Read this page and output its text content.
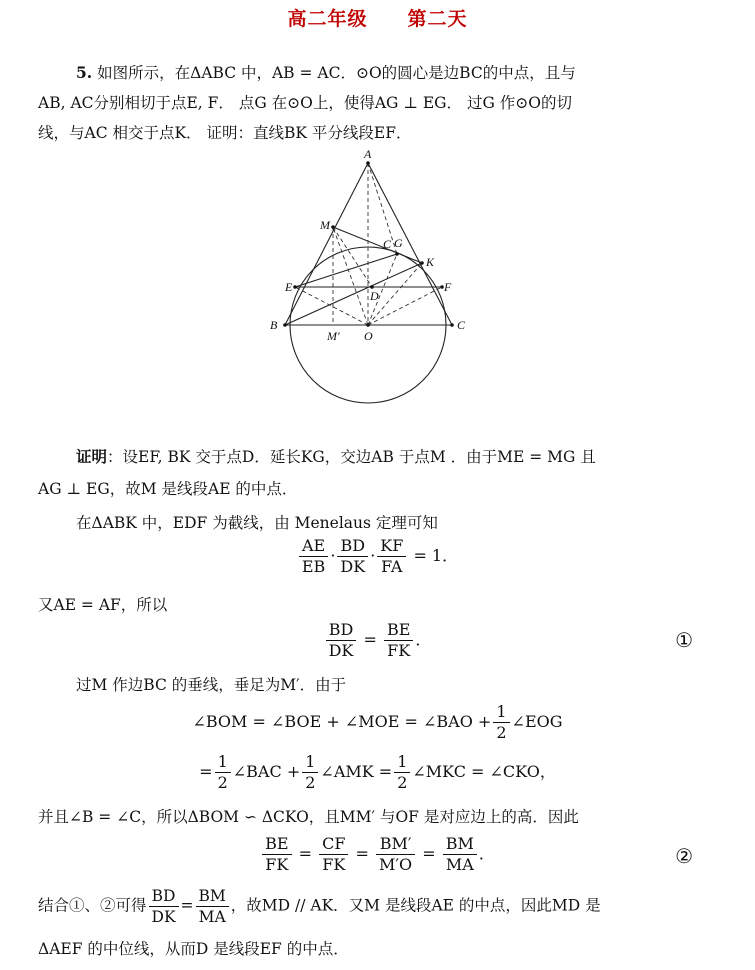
高二年级 第二天
5. 如图所示，在ΔABC 中，AB = AC．⊙O的圆心是边BC的中点，且与
AB, AC分别相切于点E, F． 点G 在⊙O上，使得AG ⊥ EG． 过G 作⊙O的切
线，与AC 相交于点K． 证明：直线BK 平分线段EF．
A
M
G
C
K
E
D
F
B
M′ O
C
证明：设EF, BK 交于点D．延长KG，交边AB 于点M ．由于ME = MG 且
AG ⊥ EG，故M 是线段AE 的中点．
在ΔABK 中，EDF 为截线，由 Menelaus 定理可知
$\frac{AE}{EB} \cdot \frac{BD}{DK} \cdot \frac{KF}{FA} = 1$．
又AE = AF，所以
$\frac{BD}{DK} = \frac{BE}{FK}$ ．	①
过M 作边BC 的垂线，垂足为M′．由于
∠BOM = ∠BOE + ∠MOE = ∠BAO + $\frac{1}{2}$ ∠EOG
= $\frac{1}{2}$ ∠BAC + $\frac{1}{2}$ ∠AMK = $\frac{1}{2}$ ∠MKC = ∠CKO，
并且∠B = ∠C，所以ΔBOM ∽ ΔCKO，且MM′ 与OF 是对应边上的高．因此
$\frac{BE}{FK} = \frac{CF}{FK} = \frac{BM'}{M'O} = \frac{BM}{MA}$ ．	②
结合①、②可得 $\frac{BD}{DK} = \frac{BM}{MA}$ ，故MD // AK．又M 是线段AE 的中点，因此MD 是
ΔAEF 的中位线，从而D 是线段EF 的中点．
